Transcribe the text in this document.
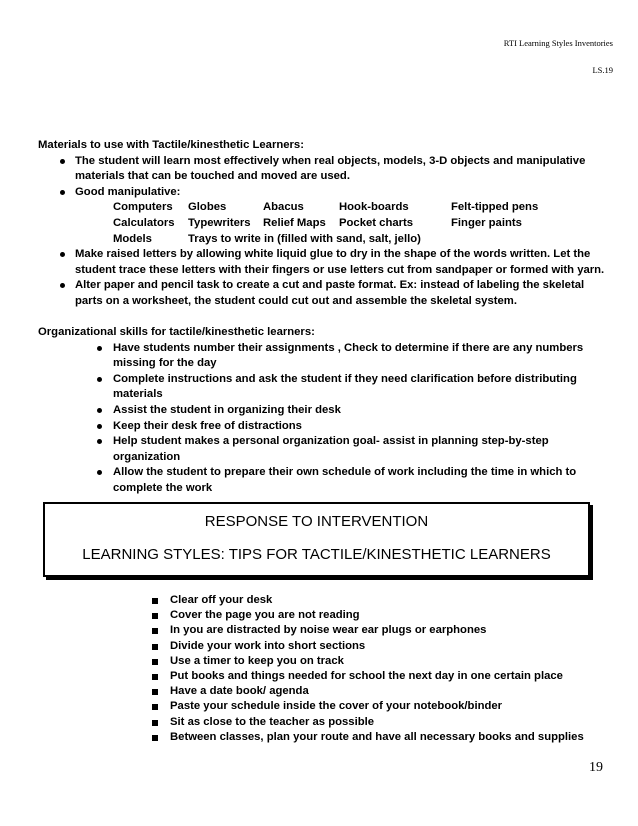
RTI Learning Styles Inventories
LS.19
Materials to use with Tactile/kinesthetic Learners:
The student will learn most effectively when real objects, models, 3-D objects and manipulative materials that can be touched and moved are used.
Good manipulative:
Computers	Globes	Abacus	Hook-boards	Felt-tipped pens
Calculators	Typewriters	Relief Maps	Pocket charts	Finger paints
Models	Trays to write in (filled with sand, salt, jello)			
Make raised letters by allowing white liquid glue to dry in the shape of the words written. Let the student trace these letters with their fingers or use letters cut from sandpaper or formed with yarn.
Alter paper and pencil task to create a cut and paste format. Ex: instead of labeling the skeletal parts on a worksheet, the student could cut out and assemble the skeletal system.
Organizational skills for tactile/kinesthetic learners:
Have students number their assignments , Check to determine if there are any numbers missing for the day
Complete instructions and ask the student if they need clarification before distributing materials
Assist the student in organizing their desk
Keep their desk free of distractions
Help student makes a personal organization goal- assist in planning step-by-step organization
Allow the student to prepare their own schedule of work including the time in which to complete the work

RESPONSE TO INTERVENTION
LEARNING STYLES: TIPS FOR TACTILE/KINESTHETIC LEARNERS
Clear off your desk
Cover the page you are not reading
In you are distracted by noise wear ear plugs or earphones
Divide your work into short sections
Use a timer to keep you on track
Put books and things needed for school the next day in one certain place
Have a date book/ agenda
Paste your schedule inside the cover of your notebook/binder
Sit as close to the teacher as possible
Between classes, plan your route and have all necessary books and supplies
19
